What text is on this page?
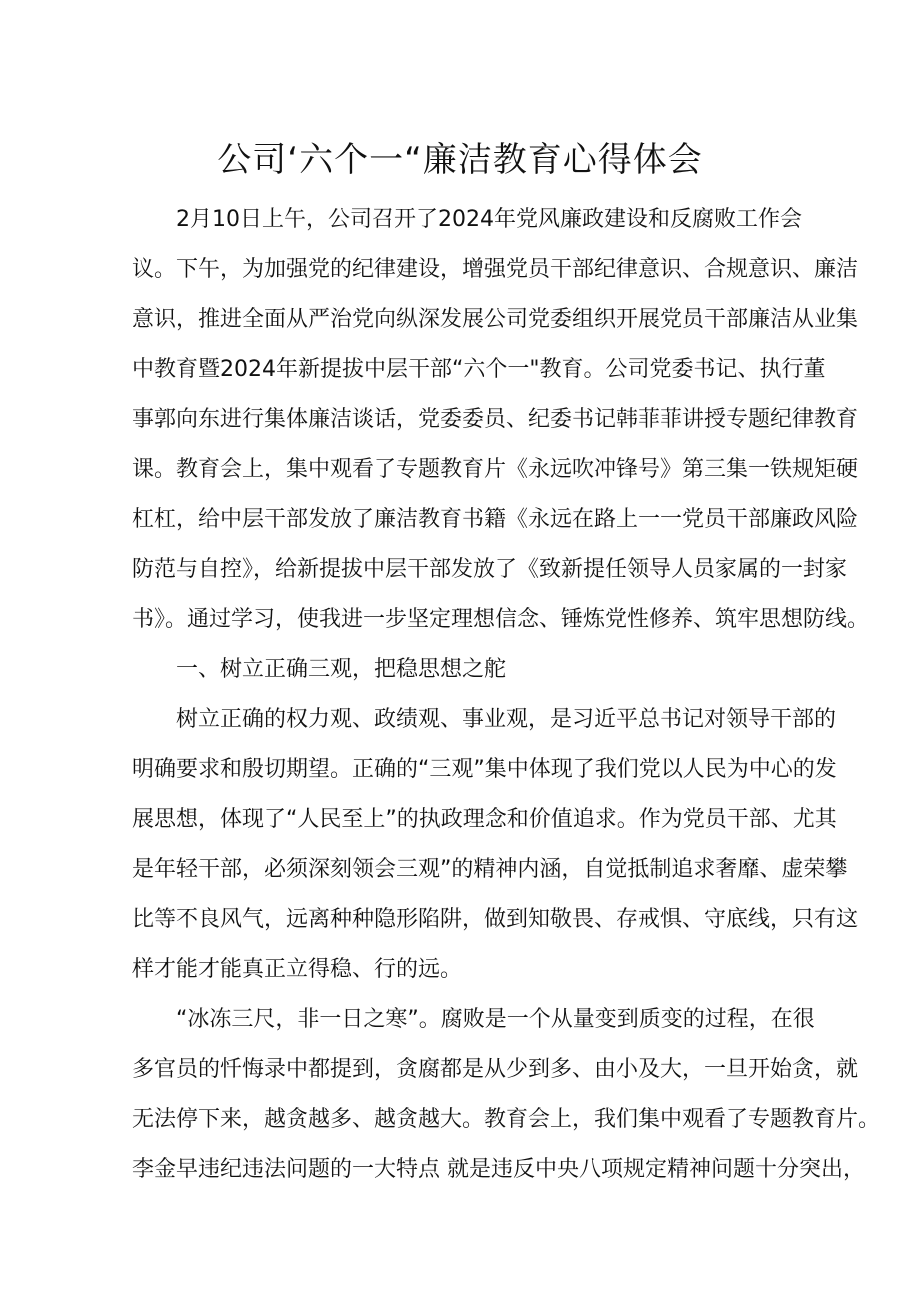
公司‘六个一“廉洁教育心得体会
2月10日上午，公司召开了2024年党风廉政建设和反腐败工作会
议。下午，为加强党的纪律建设，增强党员干部纪律意识、合规意识、廉洁
意识，推进全面从严治党向纵深发展公司党委组织开展党员干部廉洁从业集
中教育暨2024年新提拔中层干部“六个一"教育。公司党委书记、执行董
事郭向东进行集体廉洁谈话，党委委员、纪委书记韩菲菲讲授专题纪律教育
课。教育会上，集中观看了专题教育片《永远吹冲锋号》第三集一铁规矩硬
杠杠，给中层干部发放了廉洁教育书籍《永远在路上一一党员干部廉政风险
防范与自控》，给新提拔中层干部发放了《致新提任领导人员家属的一封家
书》。通过学习，使我进一步坚定理想信念、锤炼党性修养、筑牢思想防线。
一、树立正确三观，把稳思想之舵
树立正确的权力观、政绩观、事业观，是习近平总书记对领导干部的
明确要求和殷切期望。正确的“三观”集中体现了我们党以人民为中心的发
展思想，体现了“人民至上”的执政理念和价值追求。作为党员干部、尤其
是年轻干部，必须深刻领会三观”的精神内涵，自觉抵制追求奢靡、虚荣攀
比等不良风气，远离种种隐形陷阱，做到知敬畏、存戒惧、守底线，只有这
样才能才能真正立得稳、行的远。
“冰冻三尺，非一日之寒”。腐败是一个从量变到质变的过程，在很
多官员的忏悔录中都提到，贪腐都是从少到多、由小及大，一旦开始贪，就
无法停下来，越贪越多、越贪越大。教育会上，我们集中观看了专题教育片。
李金早违纪违法问题的一大特点 就是违反中央八项规定精神问题十分突出，
